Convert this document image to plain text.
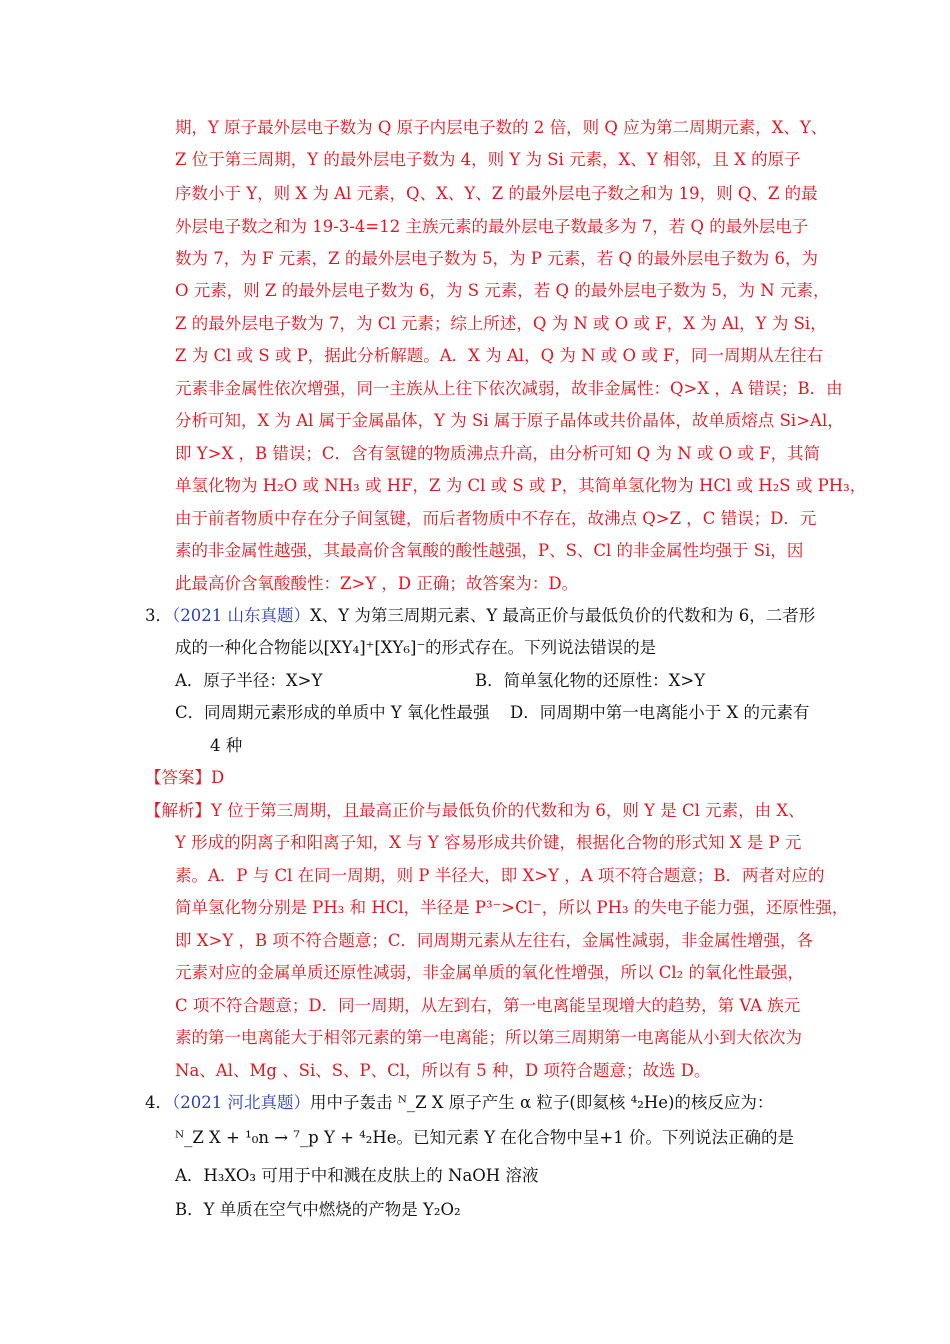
期，Y 原子最外层电子数为 Q 原子内层电子数的 2 倍，则 Q 应为第二周期元素，X、Y、
Z 位于第三周期，Y 的最外层电子数为 4，则 Y 为 Si 元素，X、Y 相邻，且 X 的原子
序数小于 Y，则 X 为 Al 元素，Q、X、Y、Z 的最外层电子数之和为 19，则 Q、Z 的最
外层电子数之和为 19-3-4=12 主族元素的最外层电子数最多为 7，若 Q 的最外层电子
数为 7，为 F 元素，Z 的最外层电子数为 5，为 P 元素，若 Q 的最外层电子数为 6，为
O 元素，则 Z 的最外层电子数为 6，为 S 元素，若 Q 的最外层电子数为 5，为 N 元素，
Z 的最外层电子数为 7，为 Cl 元素；综上所述，Q 为 N 或 O 或 F，X 为 Al，Y 为 Si，
Z 为 Cl 或 S 或 P，据此分析解题。A．X 为 Al，Q 为 N 或 O 或 F，同一周期从左往右
元素非金属性依次增强，同一主族从上往下依次减弱，故非金属性：Q>X ，A 错误；B．由
分析可知，X 为 Al 属于金属晶体，Y 为 Si 属于原子晶体或共价晶体，故单质熔点 Si>Al，
即 Y>X ，B 错误；C．含有氢键的物质沸点升高，由分析可知 Q 为 N 或 O 或 F，其简
单氢化物为 H₂O 或 NH₃ 或 HF，Z 为 Cl 或 S 或 P，其简单氢化物为 HCl 或 H₂S 或 PH₃，
由于前者物质中存在分子间氢键，而后者物质中不存在，故沸点 Q>Z ，C 错误；D．元
素的非金属性越强，其最高价含氧酸的酸性越强，P、S、Cl 的非金属性均强于 Si，因
此最高价含氧酸酸性：Z>Y ，D 正确；故答案为：D。
3．（2021 山东真题）X、Y 为第三周期元素、Y 最高正价与最低负价的代数和为 6，二者形
成的一种化合物能以[XY₄]⁺[XY₆]⁻的形式存在。下列说法错误的是
A．原子半径：X>Y	B．简单氢化物的还原性：X>Y
C．同周期元素形成的单质中 Y 氧化性最强 D．同周期中第一电离能小于 X 的元素有
4 种
【答案】D
【解析】Y 位于第三周期，且最高正价与最低负价的代数和为 6，则 Y 是 Cl 元素，由 X、
Y 形成的阴离子和阳离子知，X 与 Y 容易形成共价键，根据化合物的形式知 X 是 P 元
素。A．P 与 Cl 在同一周期，则 P 半径大，即 X>Y ，A 项不符合题意；B．两者对应的
简单氢化物分别是 PH₃ 和 HCl，半径是 P³⁻>Cl⁻，所以 PH₃ 的失电子能力强，还原性强，
即 X>Y ，B 项不符合题意；C．同周期元素从左往右，金属性减弱，非金属性增强，各
元素对应的金属单质还原性减弱，非金属单质的氧化性增强，所以 Cl₂ 的氧化性最强，
C 项不符合题意；D．同一周期，从左到右，第一电离能呈现增大的趋势，第 VA 族元
素的第一电离能大于相邻元素的第一电离能；所以第三周期第一电离能从小到大依次为
Na、Al、Mg 、Si、S、P、Cl，所以有 5 种，D 项符合题意；故选 D。
4．（2021 河北真题）用中子轰击 ᴺ_Z X 原子产生 α 粒子(即氦核 ⁴₂He)的核反应为：
ᴺ_Z X + ¹₀n → ⁷_p Y + ⁴₂He。已知元素 Y 在化合物中呈+1 价。下列说法正确的是
A．H₃XO₃ 可用于中和溅在皮肤上的 NaOH 溶液
B．Y 单质在空气中燃烧的产物是 Y₂O₂
